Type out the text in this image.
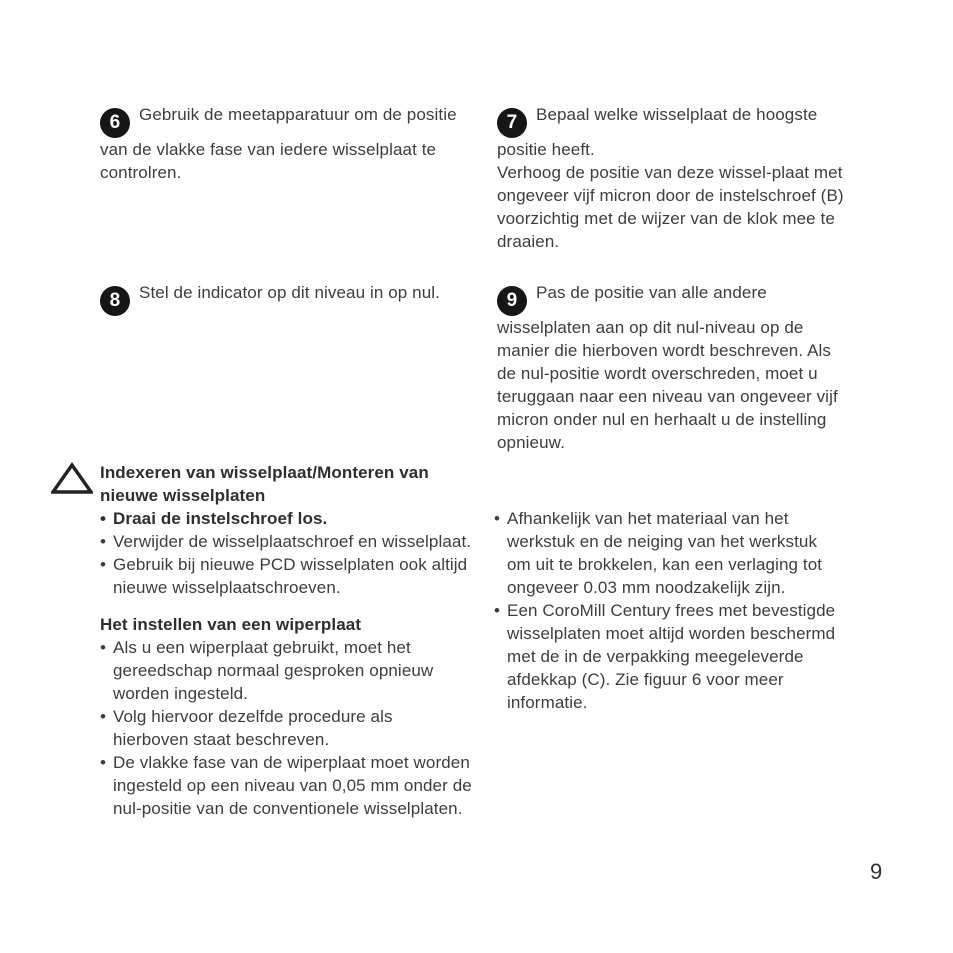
6 Gebruik de meetapparatuur om de positie van de vlakke fase van iedere wisselplaat te controlren.

7 Bepaal welke wisselplaat de hoogste positie heeft.

Verhoog de positie van deze wissel-plaat met ongeveer vijf micron door de instelschroef (B) voorzichtig met de wijzer van de klok mee te draaien.

8 Stel de indicator op dit niveau in op nul.	9 Pas de positie van alle andere wisselplaten aan op dit nul-niveau op de manier die hierboven wordt beschreven. Als de nul-positie wordt overschreden, moet u teruggaan naar een niveau van ongeveer vijf micron onder nul en herhaalt u de instelling opnieuw.

Indexeren van wisselplaat/Monteren van nieuwe wisselplaten
• Draai de instelschroef los.
• Verwijder de wisselplaatschroef en wisselplaat.
• Gebruik bij nieuwe PCD wisselplaten ook altijd nieuwe wisselplaatschroeven.
Het instellen van een wiperplaat
• Als u een wiperplaat gebruikt, moet het gereedschap normaal gesproken opnieuw worden ingesteld.
• Volg hiervoor dezelfde procedure als hierboven staat beschreven.
• De vlakke fase van de wiperplaat moet worden ingesteld op een niveau van 0,05 mm onder de nul-positie van de conventionele wisselplaten.
• Afhankelijk van het materiaal van het werkstuk en de neiging van het werkstuk om uit te brokkelen, kan een verlaging tot ongeveer 0.03 mm noodzakelijk zijn.
• Een CoroMill Century frees met bevestigde wisselplaten moet altijd worden beschermd met de in de verpakking meegeleverde afdekkap (C). Zie figuur 6 voor meer informatie.
9
